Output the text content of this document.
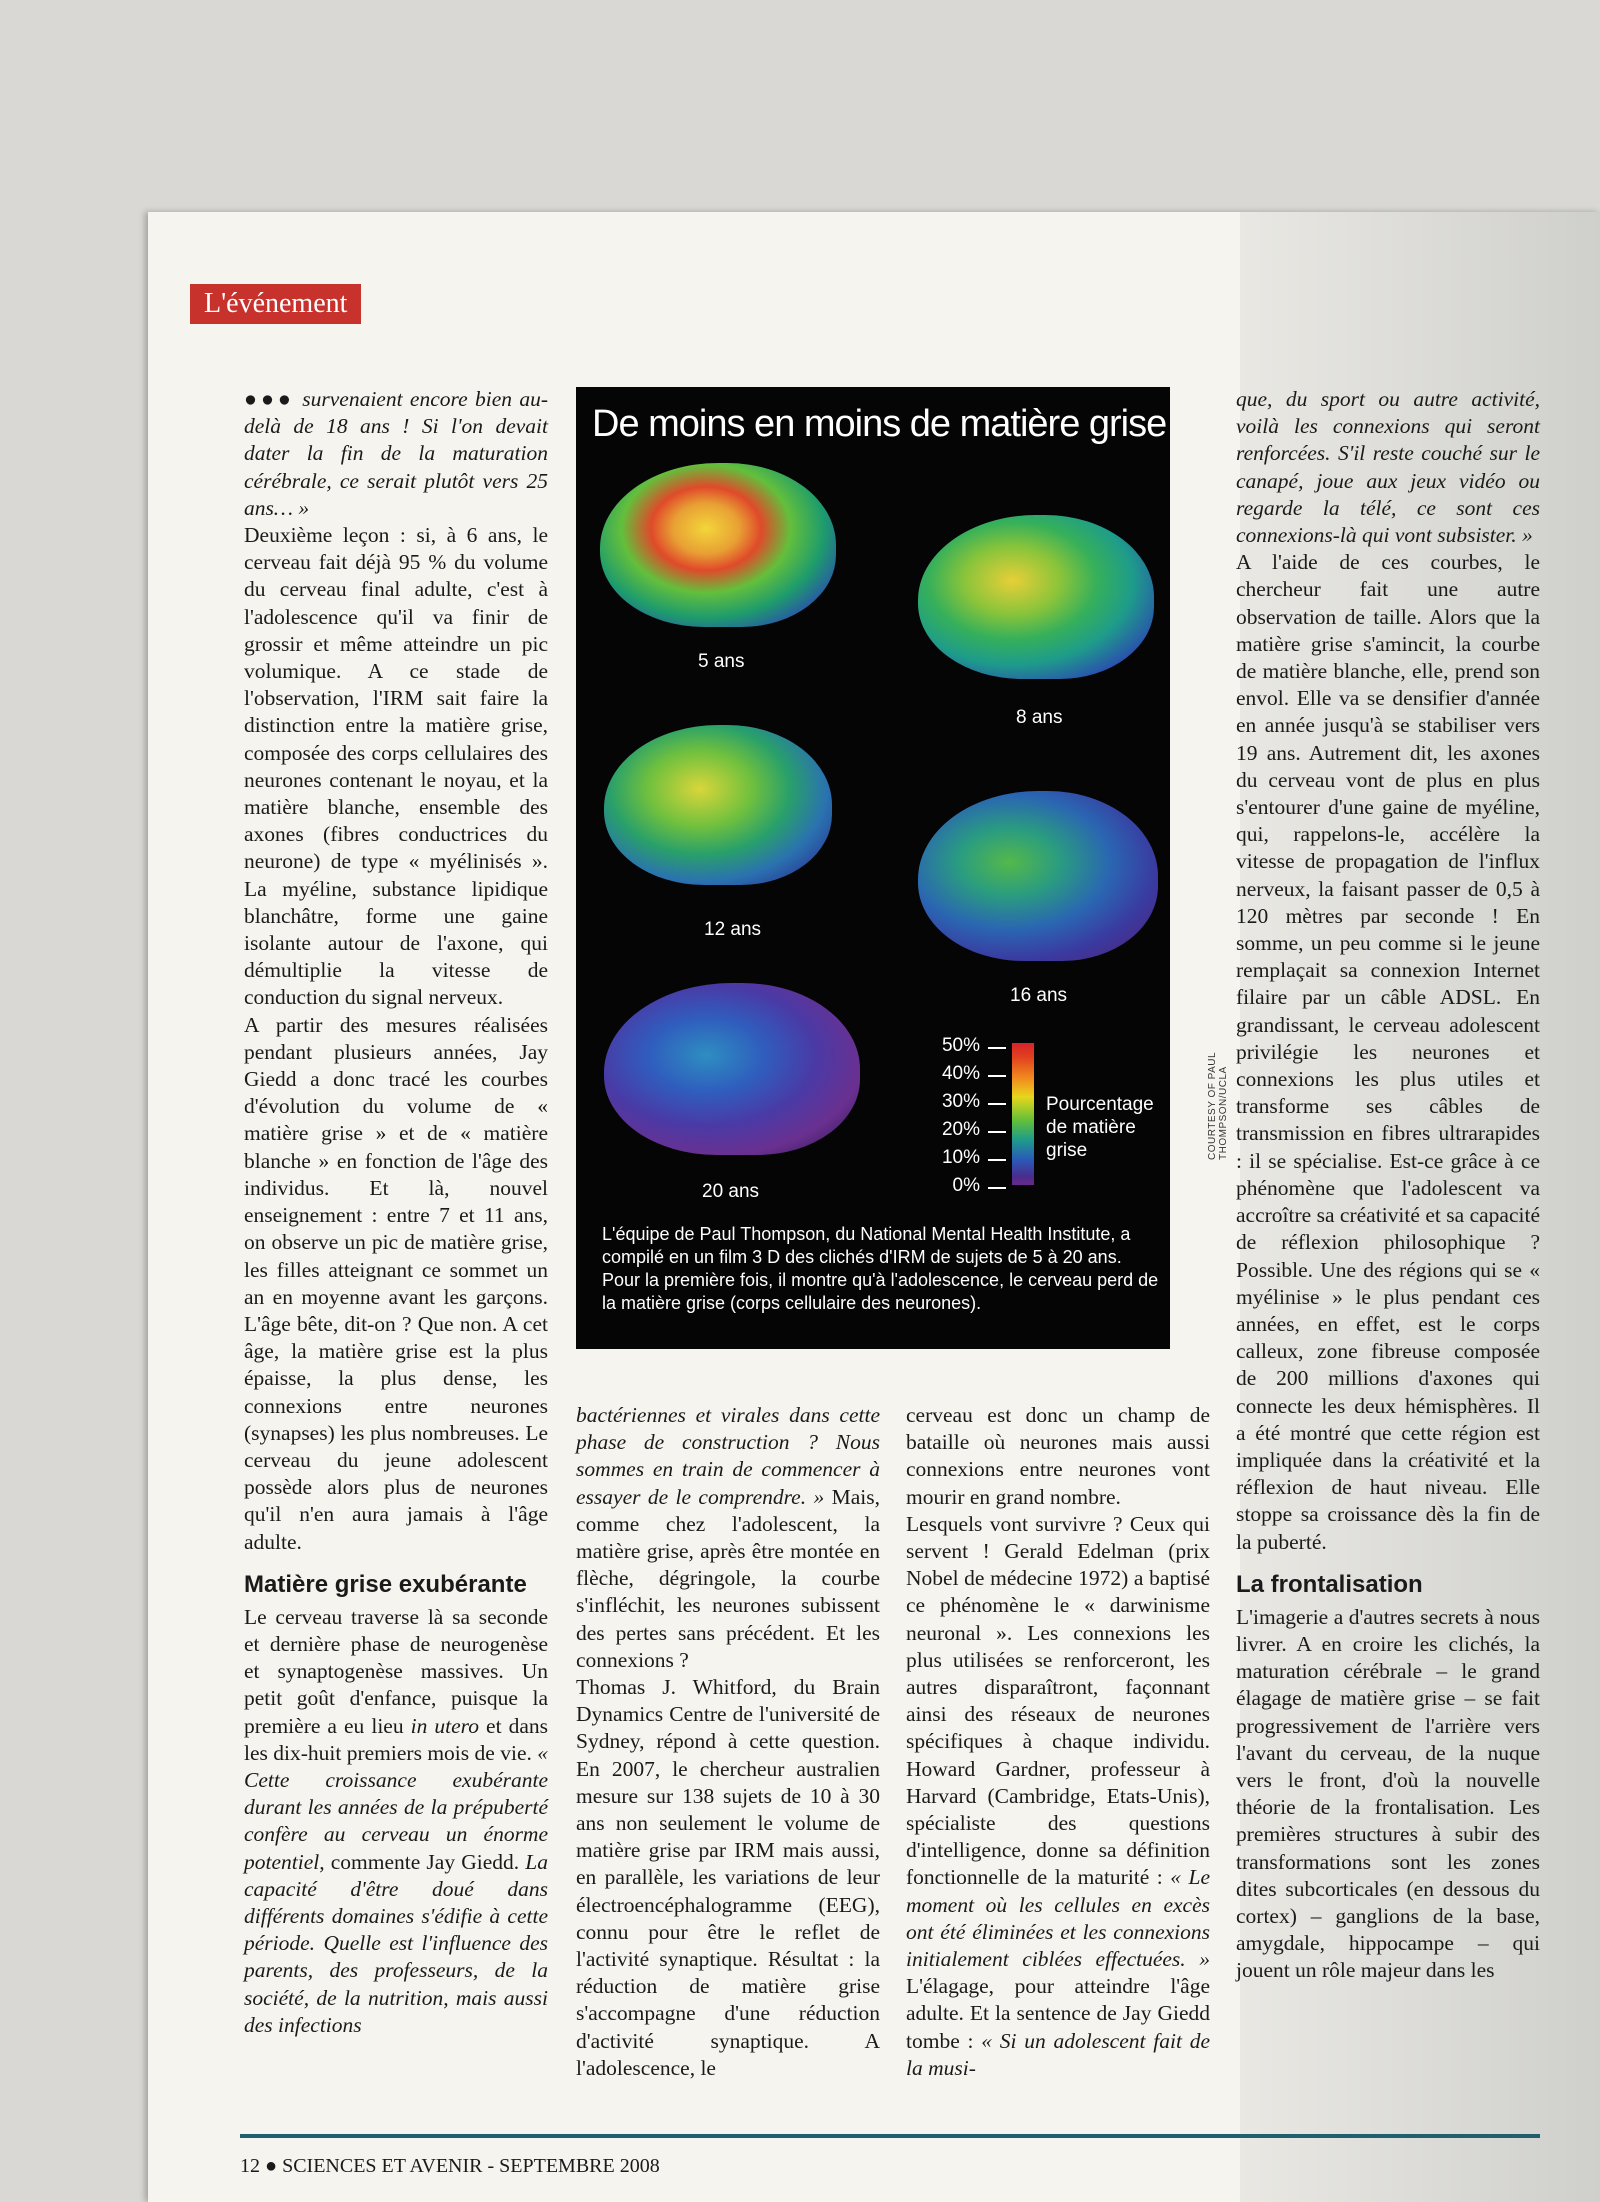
L'événement

●●● survenaient encore bien au-delà de 18 ans ! Si l'on devait dater la fin de la maturation cérébrale, ce serait plutôt vers 25 ans… »

Deuxième leçon : si, à 6 ans, le cerveau fait déjà 95 % du volume du cerveau final adulte, c'est à l'adolescence qu'il va finir de grossir et même atteindre un pic volumique. A ce stade de l'observation, l'IRM sait faire la distinction entre la matière grise, composée des corps cellulaires des neurones contenant le noyau, et la matière blanche, ensemble des axones (fibres conductrices du neurone) de type « myélinisés ». La myéline, substance lipidique blanchâtre, forme une gaine isolante autour de l'axone, qui démultiplie la vitesse de conduction du signal nerveux.

A partir des mesures réalisées pendant plusieurs années, Jay Giedd a donc tracé les courbes d'évolution du volume de « matière grise » et de « matière blanche » en fonction de l'âge des individus. Et là, nouvel enseignement : entre 7 et 11 ans, on observe un pic de matière grise, les filles atteignant ce sommet un an en moyenne avant les garçons. L'âge bête, dit-on ? Que non. A cet âge, la matière grise est la plus épaisse, la plus dense, les connexions entre neurones (synapses) les plus nombreuses. Le cerveau du jeune adolescent possède alors plus de neurones qu'il n'en aura jamais à l'âge adulte.

Matière grise exubérante

Le cerveau traverse là sa seconde et dernière phase de neurogenèse et synaptogenèse massives. Un petit goût d'enfance, puisque la première a eu lieu in utero et dans les dix-huit premiers mois de vie. « Cette croissance exubérante durant les années de la prépuberté confère au cerveau un énorme potentiel, commente Jay Giedd. La capacité d'être doué dans différents domaines s'édifie à cette période. Quelle est l'influence des parents, des professeurs, de la société, de la nutrition, mais aussi des infections

De moins en moins de matière grise
5 ans
8 ans
12 ans
16 ans
20 ans
50%
40%
30%
20%
10%
0%
Pourcentage
de matière
grise
L'équipe de Paul Thompson, du National Mental Health Institute, a compilé en un film 3 D des clichés d'IRM de sujets de 5 à 20 ans. Pour la première fois, il montre qu'à l'adolescence, le cerveau perd de la matière grise (corps cellulaire des neurones).
COURTESY OF PAUL THOMPSON/UCLA

bactériennes et virales dans cette phase de construction ? Nous sommes en train de commencer à essayer de le comprendre. » Mais, comme chez l'adolescent, la matière grise, après être montée en flèche, dégringole, la courbe s'infléchit, les neurones subissent des pertes sans précédent. Et les connexions ?

Thomas J. Whitford, du Brain Dynamics Centre de l'université de Sydney, répond à cette question. En 2007, le chercheur australien mesure sur 138 sujets de 10 à 30 ans non seulement le volume de matière grise par IRM mais aussi, en parallèle, les variations de leur électroencéphalogramme (EEG), connu pour être le reflet de l'activité synaptique. Résultat : la réduction de matière grise s'accompagne d'une réduction d'activité synaptique. A l'adolescence, le

cerveau est donc un champ de bataille où neurones mais aussi connexions entre neurones vont mourir en grand nombre.

Lesquels vont survivre ? Ceux qui servent ! Gerald Edelman (prix Nobel de médecine 1972) a baptisé ce phénomène le « darwinisme neuronal ». Les connexions les plus utilisées se renforceront, les autres disparaîtront, façonnant ainsi des réseaux de neurones spécifiques à chaque individu. Howard Gardner, professeur à Harvard (Cambridge, Etats-Unis), spécialiste des questions d'intelligence, donne sa définition fonctionnelle de la maturité : « Le moment où les cellules en excès ont été éliminées et les connexions initialement ciblées effectuées. » L'élagage, pour atteindre l'âge adulte. Et la sentence de Jay Giedd tombe : « Si un adolescent fait de la musi-

que, du sport ou autre activité, voilà les connexions qui seront renforcées. S'il reste couché sur le canapé, joue aux jeux vidéo ou regarde la télé, ce sont ces connexions-là qui vont subsister. »

A l'aide de ces courbes, le chercheur fait une autre observation de taille. Alors que la matière grise s'amincit, la courbe de matière blanche, elle, prend son envol. Elle va se densifier d'année en année jusqu'à se stabiliser vers 19 ans. Autrement dit, les axones du cerveau vont de plus en plus s'entourer d'une gaine de myéline, qui, rappelons-le, accélère la vitesse de propagation de l'influx nerveux, la faisant passer de 0,5 à 120 mètres par seconde ! En somme, un peu comme si le jeune remplaçait sa connexion Internet filaire par un câble ADSL. En grandissant, le cerveau adolescent privilégie les neurones et connexions les plus utiles et transforme ses câbles de transmission en fibres ultrarapides : il se spécialise. Est-ce grâce à ce phénomène que l'adolescent va accroître sa créativité et sa capacité de réflexion philosophique ? Possible. Une des régions qui se « myélinise » le plus pendant ces années, en effet, est le corps calleux, zone fibreuse composée de 200 millions d'axones qui connecte les deux hémisphères. Il a été montré que cette région est impliquée dans la créativité et la réflexion de haut niveau. Elle stoppe sa croissance dès la fin de la puberté.

La frontalisation

L'imagerie a d'autres secrets à nous livrer. A en croire les clichés, la maturation cérébrale – le grand élagage de matière grise – se fait progressivement de l'arrière vers l'avant du cerveau, de la nuque vers le front, d'où la nouvelle théorie de la frontalisation. Les premières structures à subir des transformations sont les zones dites subcorticales (en dessous du cortex) – ganglions de la base, amygdale, hippocampe – qui jouent un rôle majeur dans les

12 ● SCIENCES ET AVENIR - SEPTEMBRE 2008
